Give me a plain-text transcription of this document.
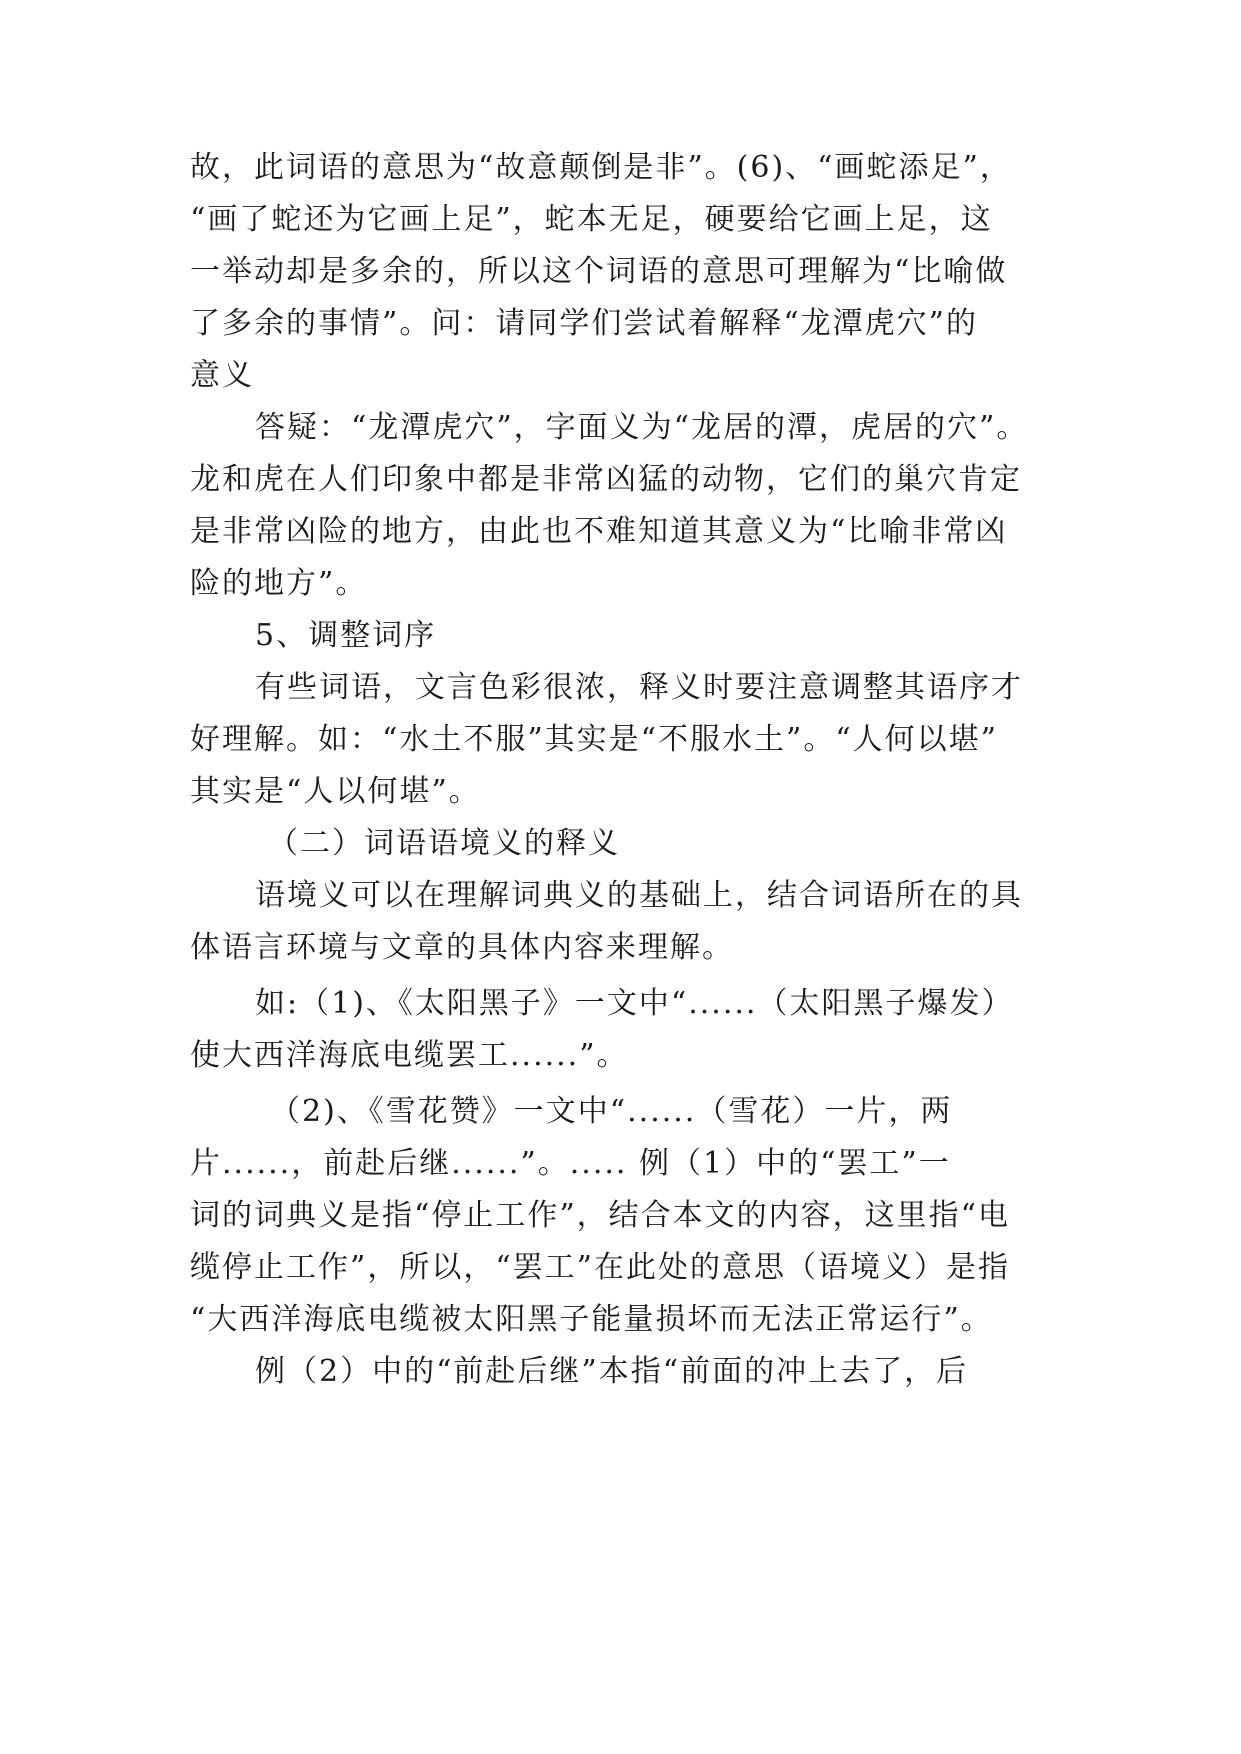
故，此词语的意思为“故意颠倒是非”。(6)、“画蛇添足”，
“画了蛇还为它画上足”，蛇本无足，硬要给它画上足，这
一举动却是多余的，所以这个词语的意思可理解为“比喻做
了多余的事情”。问：请同学们尝试着解释“龙潭虎穴”的
意义
答疑：“龙潭虎穴”，字面义为“龙居的潭，虎居的穴”。
龙和虎在人们印象中都是非常凶猛的动物，它们的巢穴肯定
是非常凶险的地方，由此也不难知道其意义为“比喻非常凶
险的地方”。
5、调整词序
有些词语，文言色彩很浓，释义时要注意调整其语序才
好理解。如：“水土不服”其实是“不服水土”。“人何以堪”
其实是“人以何堪”。
（二）词语语境义的释义
语境义可以在理解词典义的基础上，结合词语所在的具
体语言环境与文章的具体内容来理解。
如:（1)、《太阳黑子》一文中“......（太阳黑子爆发）
使大西洋海底电缆罢工......”。
（2)、《雪花赞》一文中“......（雪花）一片，两
片......，前赴后继......”。..... 例（1）中的“罢工”一
词的词典义是指“停止工作”，结合本文的内容，这里指“电
缆停止工作”，所以，“罢工”在此处的意思（语境义）是指
“大西洋海底电缆被太阳黑子能量损坏而无法正常运行”。
例（2）中的“前赴后继”本指“前面的冲上去了，后
